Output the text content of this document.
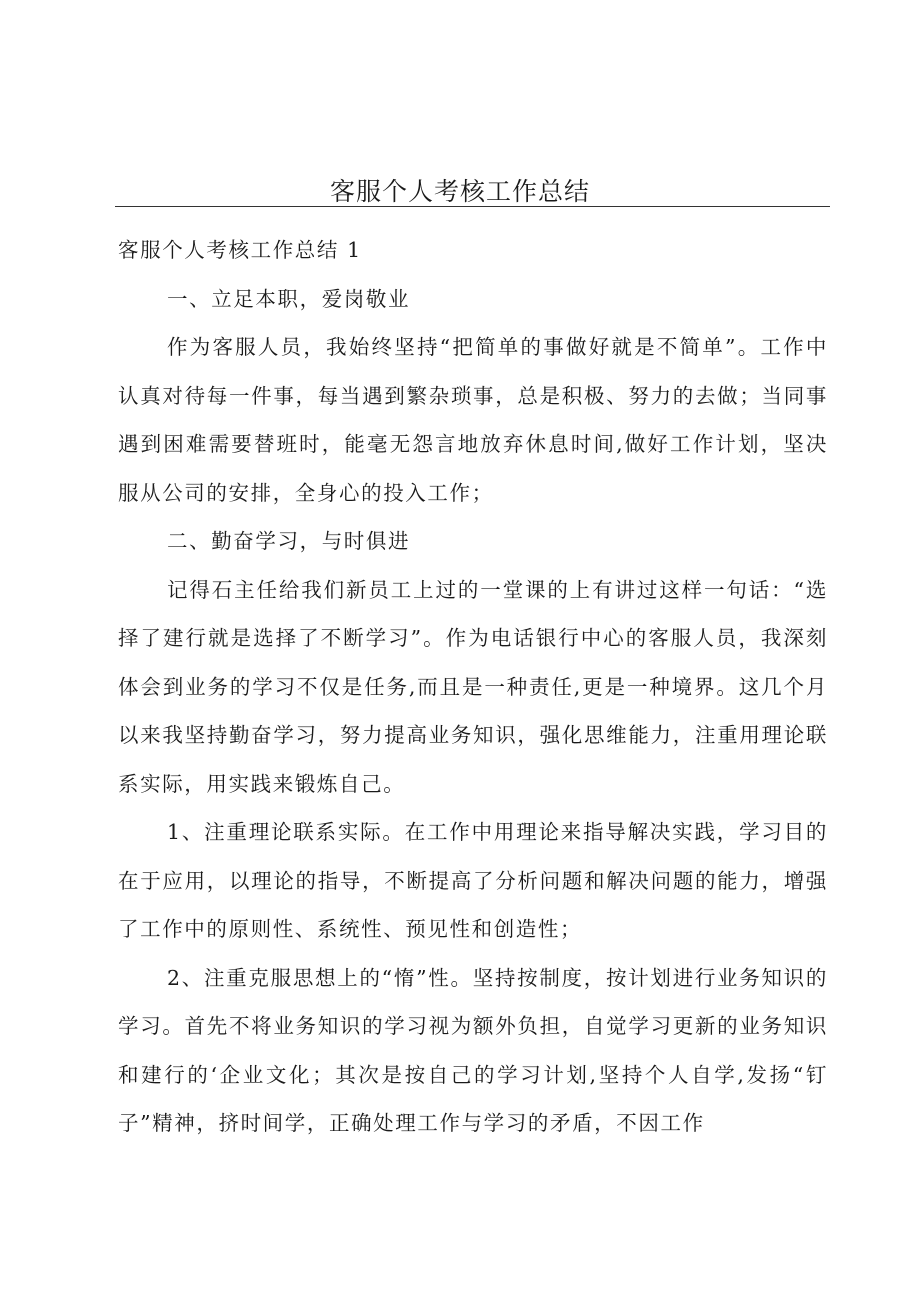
客服个人考核工作总结

客服个人考核工作总结 1

一、立足本职，爱岗敬业

作为客服人员，我始终坚持“把简单的事做好就是不简单”。工作中认真对待每一件事，每当遇到繁杂琐事，总是积极、努力的去做；当同事遇到困难需要替班时，能毫无怨言地放弃休息时间,做好工作计划，坚决服从公司的安排，全身心的投入工作；

二、勤奋学习，与时俱进

记得石主任给我们新员工上过的一堂课的上有讲过这样一句话：“选择了建行就是选择了不断学习”。作为电话银行中心的客服人员，我深刻体会到业务的学习不仅是任务,而且是一种责任,更是一种境界。这几个月以来我坚持勤奋学习，努力提高业务知识，强化思维能力，注重用理论联系实际，用实践来锻炼自己。

1、注重理论联系实际。在工作中用理论来指导解决实践，学习目的在于应用，以理论的指导，不断提高了分析问题和解决问题的能力，增强了工作中的原则性、系统性、预见性和创造性；

2、注重克服思想上的“惰”性。坚持按制度，按计划进行业务知识的学习。首先不将业务知识的学习视为额外负担，自觉学习更新的业务知识和建行的‘企业文化；其次是按自己的学习计划,坚持个人自学,发扬“钉子”精神，挤时间学，正确处理工作与学习的矛盾，不因工作
